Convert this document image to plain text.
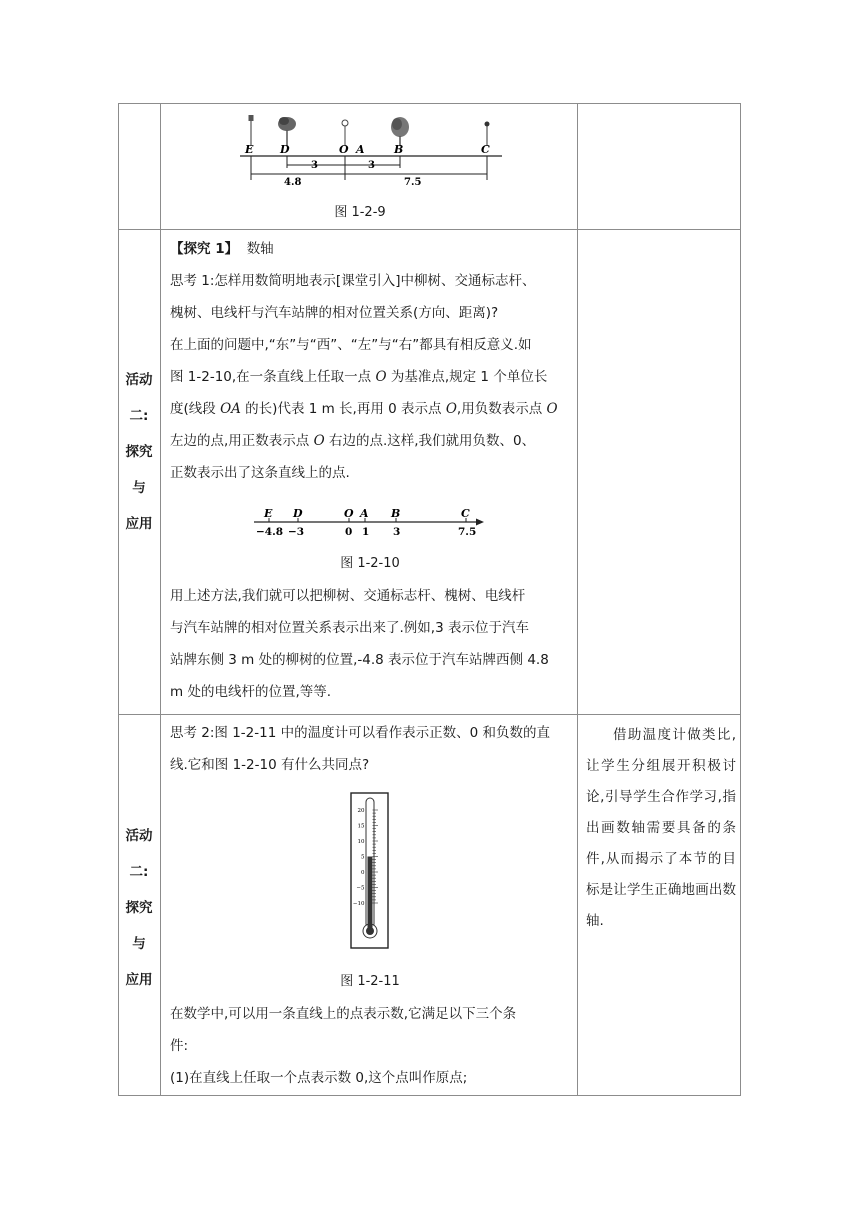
E D	O A	B	C
3	3
4.8	7.5
图 1-2-9
活动
二:
探究
与
应用

【探究 1】 数轴

思考 1:怎样用数简明地表示[课堂引入]中柳树、交通标志杆、

槐树、电线杆与汽车站牌的相对位置关系(方向、距离)?

在上面的问题中,“东”与“西”、“左”与“右”都具有相反意义.如

图 1-2-10,在一条直线上任取一点 O 为基准点,规定 1 个单位长

度(线段 OA 的长)代表 1 m 长,再用 0 表示点 O,用负数表示点 O

左边的点,用正数表示点 O 右边的点.这样,我们就用负数、0、

正数表示出了这条直线上的点.

E D	O A B	C
−4.8 −3	0 1 3	7.5
图 1-2-10

用上述方法,我们就可以把柳树、交通标志杆、槐树、电线杆

与汽车站牌的相对位置关系表示出来了.例如,3 表示位于汽车

站牌东侧 3 m 处的柳树的位置,-4.8 表示位于汽车站牌西侧 4.8

m 处的电线杆的位置,等等.

活动
二:
探究
与
应用

思考 2:图 1-2-11 中的温度计可以看作表示正数、0 和负数的直

线.它和图 1-2-10 有什么共同点?

20
15
10
5
0
−5
−10
图 1-2-11

在数学中,可以用一条直线上的点表示数,它满足以下三个条

件:

(1)在直线上任取一个点表示数 0,这个点叫作原点;

借助温度计做类比,让学生分组展开积极讨论,引导学生合作学习,指出画数轴需要具备的条件,从而揭示了本节的目标是让学生正确地画出数轴.
